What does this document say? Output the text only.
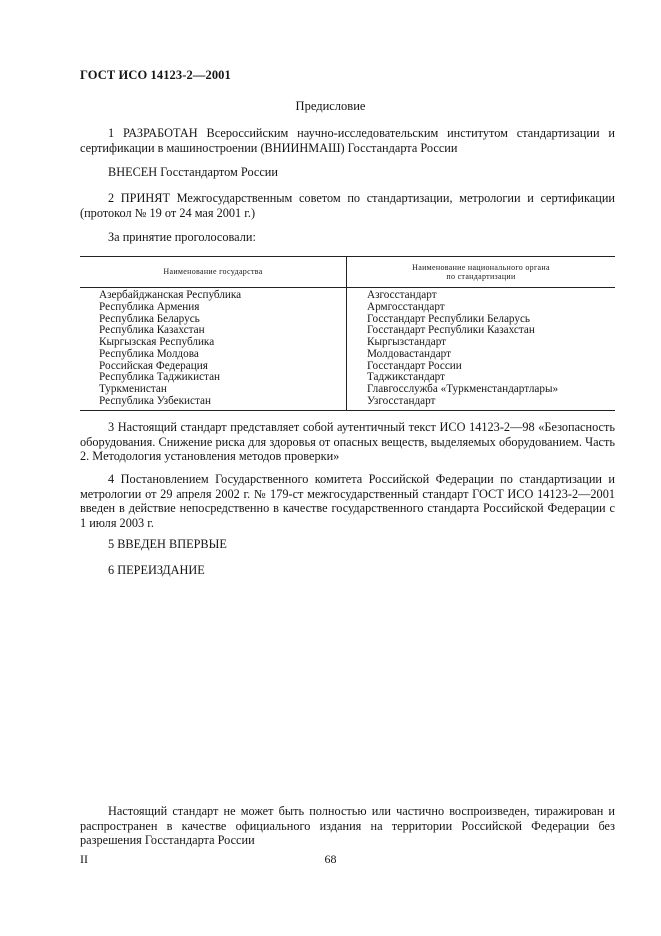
ГОСТ ИСО 14123-2—2001
Предисловие

1 РАЗРАБОТАН Всероссийским научно-исследовательским институтом стандартизации и сертификации в машиностроении (ВНИИНМАШ) Госстандарта России

ВНЕСЕН Госстандартом России

2 ПРИНЯТ Межгосударственным советом по стандартизации, метрологии и сертификации (протокол № 19 от 24 мая 2001 г.)

За принятие проголосовали:

Наименование государства
Наименование национального органа
по стандартизации
Азербайджанская Республика
Республика Армения
Республика Беларусь
Республика Казахстан
Кыргызская Республика
Республика Молдова
Российская Федерация
Республика Таджикистан
Туркменистан
Республика Узбекистан
Азгосстандарт
Армгосстандарт
Госстандарт Республики Беларусь
Госстандарт Республики Казахстан
Кыргызстандарт
Молдовастандарт
Госстандарт России
Таджикстандарт
Главгосслужба «Туркменстандартлары»
Узгосстандарт

3 Настоящий стандарт представляет собой аутентичный текст ИСО 14123-2—98 «Безопасность оборудования. Снижение риска для здоровья от опасных веществ, выделяемых оборудованием. Часть 2. Методология установления методов проверки»

4 Постановлением Государственного комитета Российской Федерации по стандартизации и метрологии от 29 апреля 2002 г. № 179-ст межгосударственный стандарт ГОСТ ИСО 14123-2—2001 введен в действие непосредственно в качестве государственного стандарта Российской Федерации с 1 июля 2003 г.

5 ВВЕДЕН ВПЕРВЫЕ

6 ПЕРЕИЗДАНИЕ

Настоящий стандарт не может быть полностью или частично воспроизведен, тиражирован и распространен в качестве официального издания на территории Российской Федерации без разрешения Госстандарта России

II	68
